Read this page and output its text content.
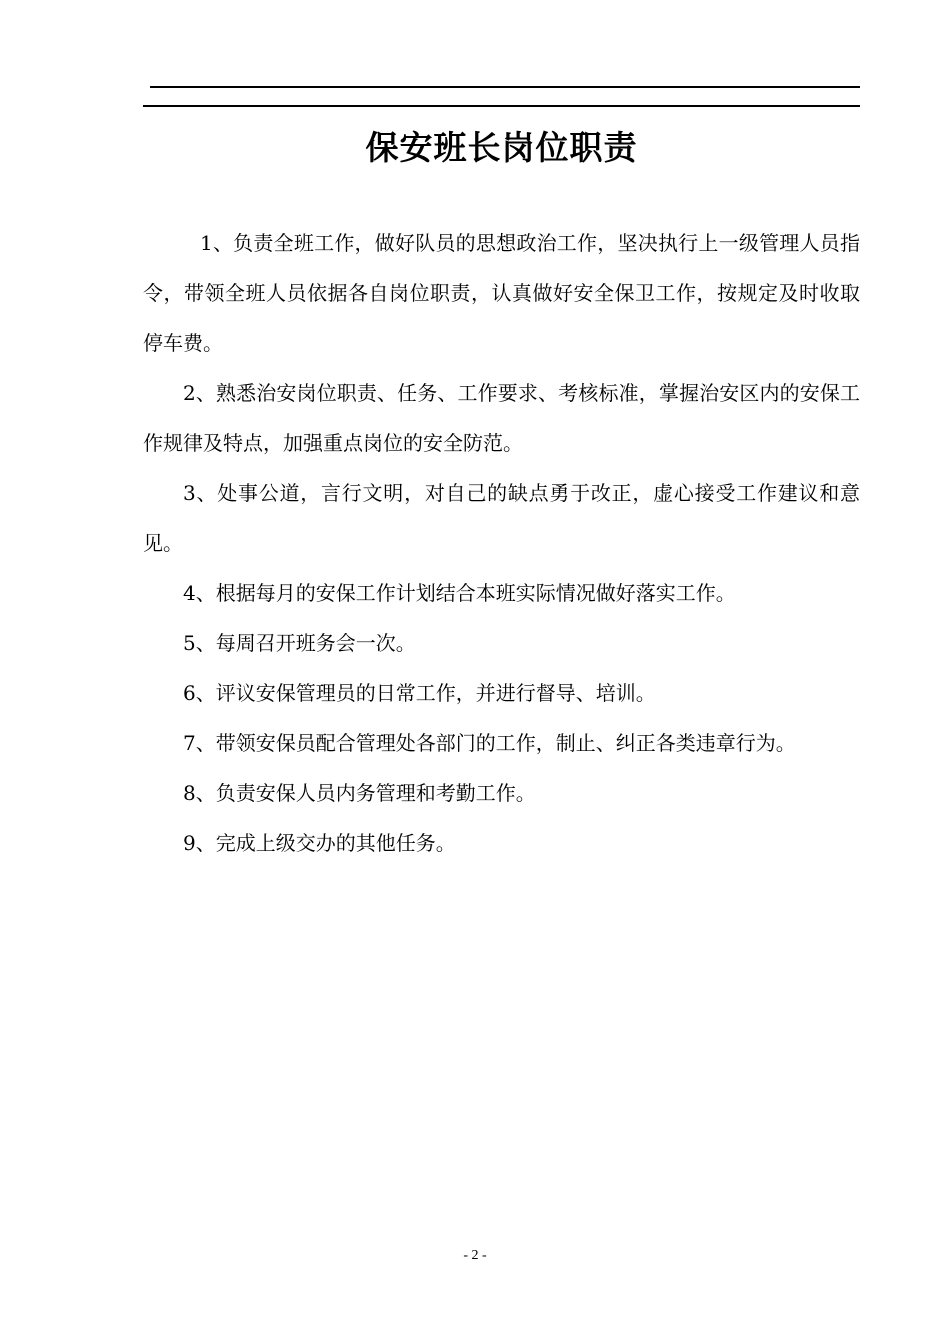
保安班长岗位职责

1、负责全班工作，做好队员的思想政治工作，坚决执行上一级管理人员指令，带领全班人员依据各自岗位职责，认真做好安全保卫工作，按规定及时收取停车费。

2、熟悉治安岗位职责、任务、工作要求、考核标准，掌握治安区内的安保工作规律及特点，加强重点岗位的安全防范。

3、处事公道，言行文明，对自己的缺点勇于改正，虚心接受工作建议和意见。

4、根据每月的安保工作计划结合本班实际情况做好落实工作。

5、每周召开班务会一次。

6、评议安保管理员的日常工作，并进行督导、培训。

7、带领安保员配合管理处各部门的工作，制止、纠正各类违章行为。

8、负责安保人员内务管理和考勤工作。

9、完成上级交办的其他任务。

- 2 -
